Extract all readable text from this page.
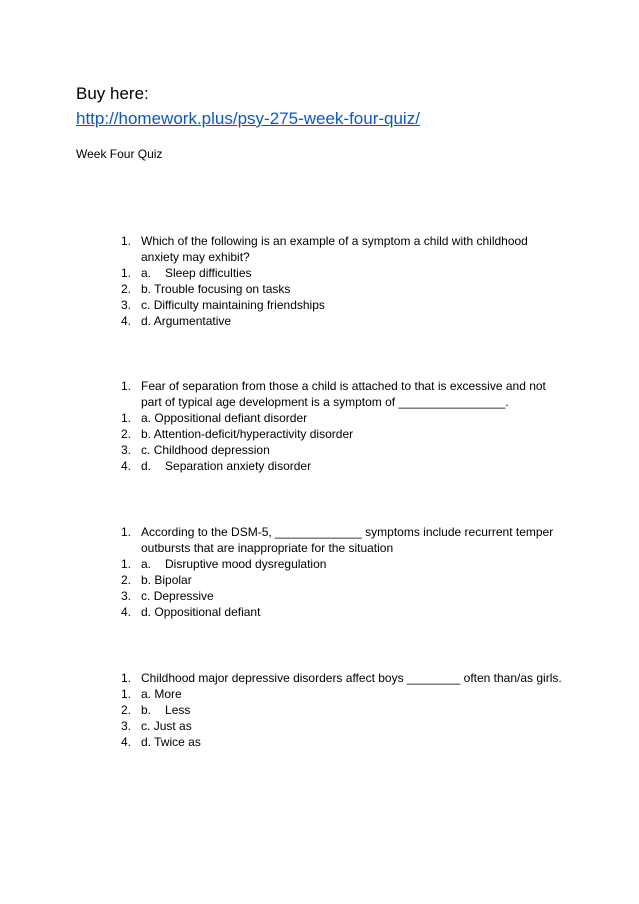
Buy here:
http://homework.plus/psy-275-week-four-quiz/
Week Four Quiz
1. Which of the following is an example of a symptom a child with childhood
anxiety may exhibit?
1. a. Sleep difficulties
2. b. Trouble focusing on tasks
3. c. Difficulty maintaining friendships
4. d. Argumentative
1. Fear of separation from those a child is attached to that is excessive and not
part of typical age development is a symptom of ________________.
1. a. Oppositional defiant disorder
2. b. Attention-deficit/hyperactivity disorder
3. c. Childhood depression
4. d. Separation anxiety disorder
1. According to the DSM-5, _____________ symptoms include recurrent temper
outbursts that are inappropriate for the situation
1. a. Disruptive mood dysregulation
2. b. Bipolar
3. c. Depressive
4. d. Oppositional defiant
1. Childhood major depressive disorders affect boys ________ often than/as girls.
1. a. More
2. b. Less
3. c. Just as
4. d. Twice as
